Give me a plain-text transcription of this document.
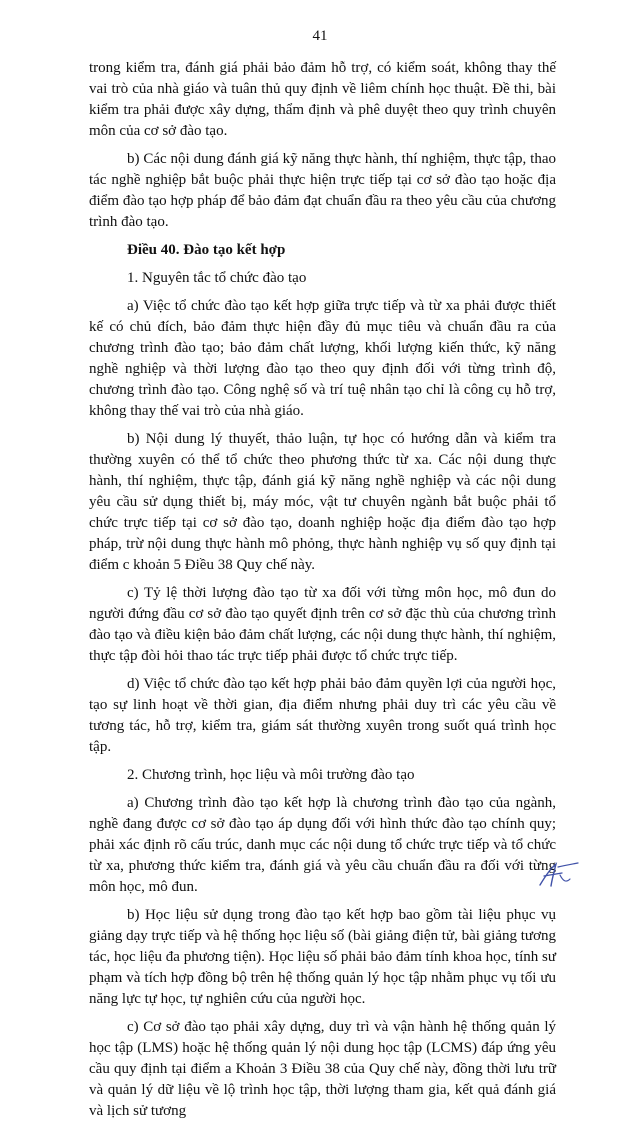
41

trong kiểm tra, đánh giá phải bảo đảm hỗ trợ, có kiểm soát, không thay thế vai trò của nhà giáo và tuân thủ quy định về liêm chính học thuật. Đề thi, bài kiểm tra phải được xây dựng, thẩm định và phê duyệt theo quy trình chuyên môn của cơ sở đào tạo.

b) Các nội dung đánh giá kỹ năng thực hành, thí nghiệm, thực tập, thao tác nghề nghiệp bắt buộc phải thực hiện trực tiếp tại cơ sở đào tạo hoặc địa điểm đào tạo hợp pháp để bảo đảm đạt chuẩn đầu ra theo yêu cầu của chương trình đào tạo.

Điều 40. Đào tạo kết hợp

1. Nguyên tắc tổ chức đào tạo

a) Việc tổ chức đào tạo kết hợp giữa trực tiếp và từ xa phải được thiết kế có chủ đích, bảo đảm thực hiện đầy đủ mục tiêu và chuẩn đầu ra của chương trình đào tạo; bảo đảm chất lượng, khối lượng kiến thức, kỹ năng nghề nghiệp và thời lượng đào tạo theo quy định đối với từng trình độ, chương trình đào tạo. Công nghệ số và trí tuệ nhân tạo chỉ là công cụ hỗ trợ, không thay thế vai trò của nhà giáo.

b) Nội dung lý thuyết, thảo luận, tự học có hướng dẫn và kiểm tra thường xuyên có thể tổ chức theo phương thức từ xa. Các nội dung thực hành, thí nghiệm, thực tập, đánh giá kỹ năng nghề nghiệp và các nội dung yêu cầu sử dụng thiết bị, máy móc, vật tư chuyên ngành bắt buộc phải tổ chức trực tiếp tại cơ sở đào tạo, doanh nghiệp hoặc địa điểm đào tạo hợp pháp, trừ nội dung thực hành mô phỏng, thực hành nghiệp vụ số quy định tại điểm c khoản 5 Điều 38 Quy chế này.

c) Tỷ lệ thời lượng đào tạo từ xa đối với từng môn học, mô đun do người đứng đầu cơ sở đào tạo quyết định trên cơ sở đặc thù của chương trình đào tạo và điều kiện bảo đảm chất lượng, các nội dung thực hành, thí nghiệm, thực tập đòi hỏi thao tác trực tiếp phải được tổ chức trực tiếp.

d) Việc tổ chức đào tạo kết hợp phải bảo đảm quyền lợi của người học, tạo sự linh hoạt về thời gian, địa điểm nhưng phải duy trì các yêu cầu về tương tác, hỗ trợ, kiểm tra, giám sát thường xuyên trong suốt quá trình học tập.

2. Chương trình, học liệu và môi trường đào tạo

a) Chương trình đào tạo kết hợp là chương trình đào tạo của ngành, nghề đang được cơ sở đào tạo áp dụng đối với hình thức đào tạo chính quy; phải xác định rõ cấu trúc, danh mục các nội dung tổ chức trực tiếp và tổ chức từ xa, phương thức kiểm tra, đánh giá và yêu cầu chuẩn đầu ra đối với từng môn học, mô đun.

b) Học liệu sử dụng trong đào tạo kết hợp bao gồm tài liệu phục vụ giảng dạy trực tiếp và hệ thống học liệu số (bài giảng điện tử, bài giảng tương tác, học liệu đa phương tiện). Học liệu số phải bảo đảm tính khoa học, tính sư phạm và tích hợp đồng bộ trên hệ thống quản lý học tập nhằm phục vụ tối ưu năng lực tự học, tự nghiên cứu của người học.

c) Cơ sở đào tạo phải xây dựng, duy trì và vận hành hệ thống quản lý học tập (LMS) hoặc hệ thống quản lý nội dung học tập (LCMS) đáp ứng yêu cầu quy định tại điểm a Khoản 3 Điều 38 của Quy chế này, đồng thời lưu trữ và quản lý dữ liệu về lộ trình học tập, thời lượng tham gia, kết quả đánh giá và lịch sử tương
